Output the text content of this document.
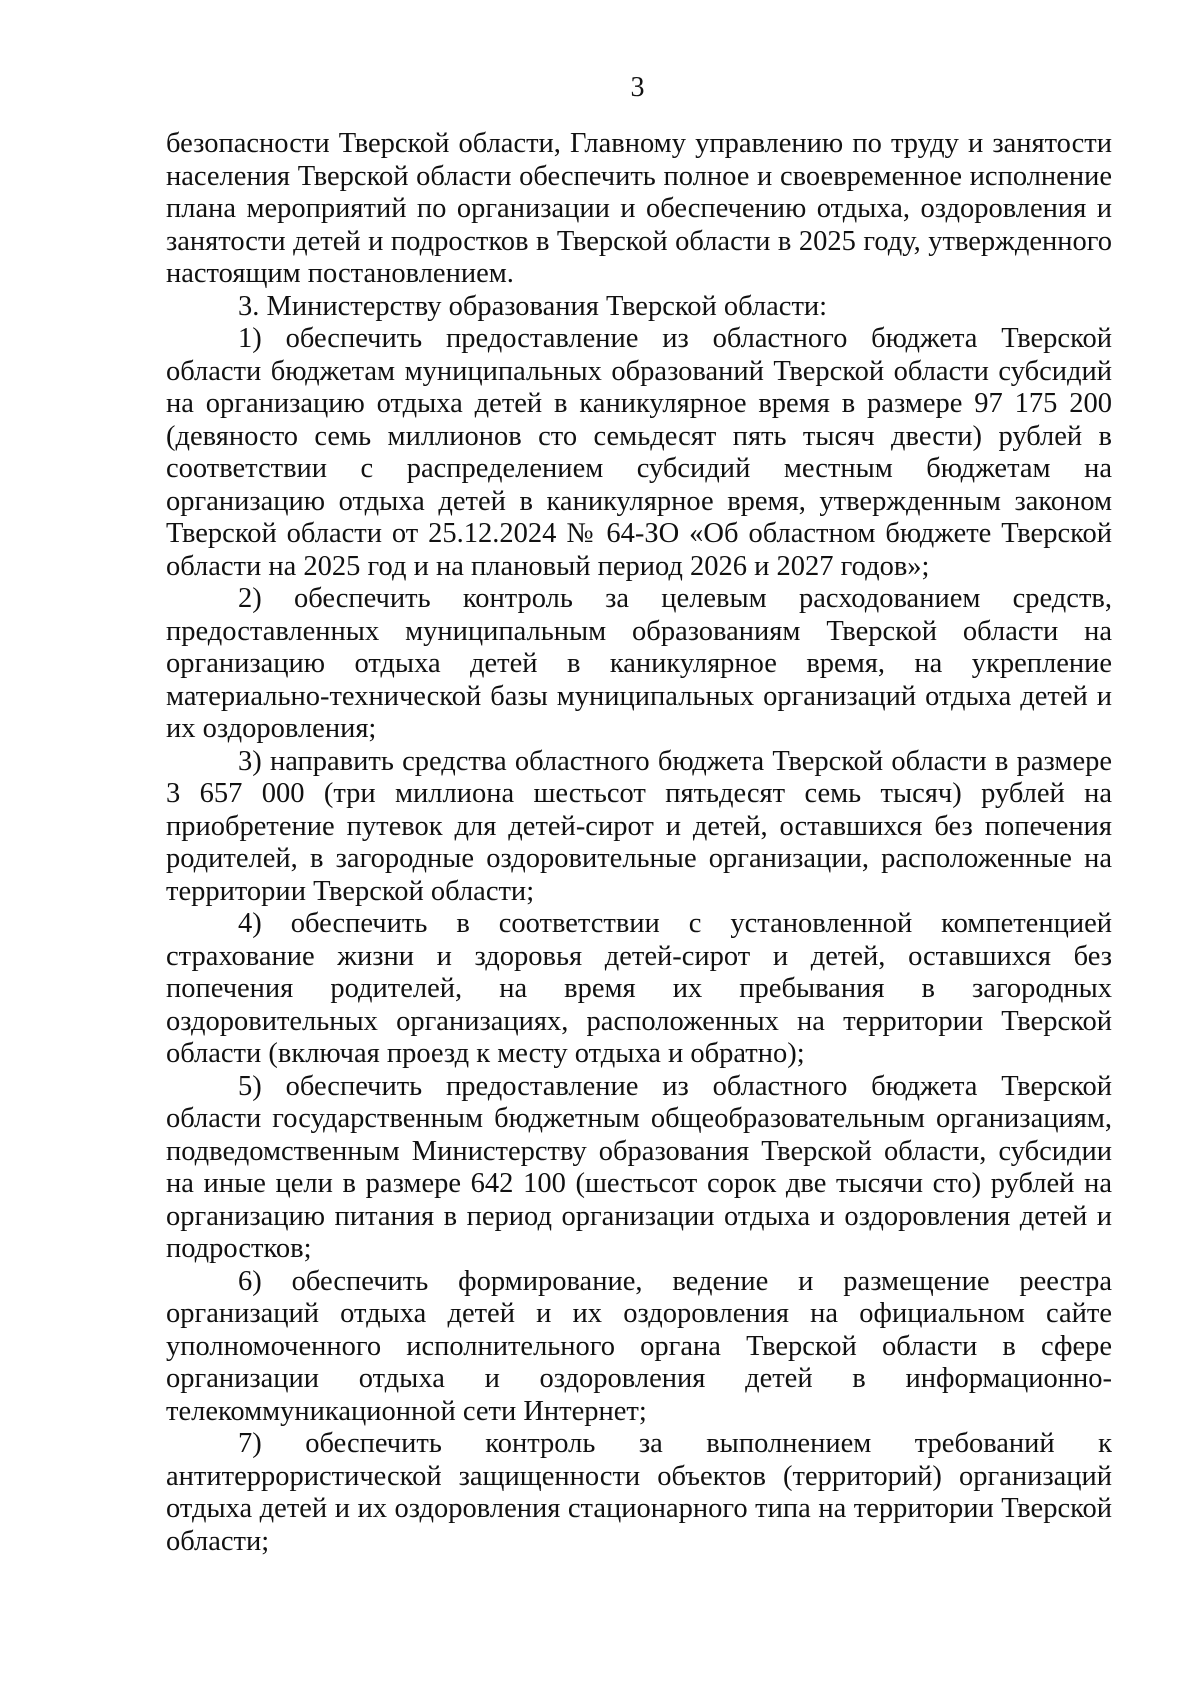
3

безопасности Тверской области, Главному управлению по труду и занятости населения Тверской области обеспечить полное и своевременное исполнение плана мероприятий по организации и обеспечению отдыха, оздоровления и занятости детей и подростков в Тверской области в 2025 году, утвержденного настоящим постановлением.

3. Министерству образования Тверской области:

1) обеспечить предоставление из областного бюджета Тверской области бюджетам муниципальных образований Тверской области субсидий на организацию отдыха детей в каникулярное время в размере 97 175 200 (девяносто семь миллионов сто семьдесят пять тысяч двести) рублей в соответствии с распределением субсидий местным бюджетам на организацию отдыха детей в каникулярное время, утвержденным законом Тверской области от 25.12.2024 № 64-ЗО «Об областном бюджете Тверской области на 2025 год и на плановый период 2026 и 2027 годов»;

2) обеспечить контроль за целевым расходованием средств, предоставленных муниципальным образованиям Тверской области на организацию отдыха детей в каникулярное время, на укрепление материально-технической базы муниципальных организаций отдыха детей и их оздоровления;

3) направить средства областного бюджета Тверской области в размере 3 657 000 (три миллиона шестьсот пятьдесят семь тысяч) рублей на приобретение путевок для детей-сирот и детей, оставшихся без попечения родителей, в загородные оздоровительные организации, расположенные на территории Тверской области;

4) обеспечить в соответствии с установленной компетенцией страхование жизни и здоровья детей-сирот и детей, оставшихся без попечения родителей, на время их пребывания в загородных оздоровительных организациях, расположенных на территории Тверской области (включая проезд к месту отдыха и обратно);

5) обеспечить предоставление из областного бюджета Тверской области государственным бюджетным общеобразовательным организациям, подведомственным Министерству образования Тверской области, субсидии на иные цели в размере 642 100 (шестьсот сорок две тысячи сто) рублей на организацию питания в период организации отдыха и оздоровления детей и подростков;

6) обеспечить формирование, ведение и размещение реестра организаций отдыха детей и их оздоровления на официальном сайте уполномоченного исполнительного органа Тверской области в сфере организации отдыха и оздоровления детей в информационно-телекоммуникационной сети Интернет;

7) обеспечить контроль за выполнением требований к антитеррористической защищенности объектов (территорий) организаций отдыха детей и их оздоровления стационарного типа на территории Тверской области;
